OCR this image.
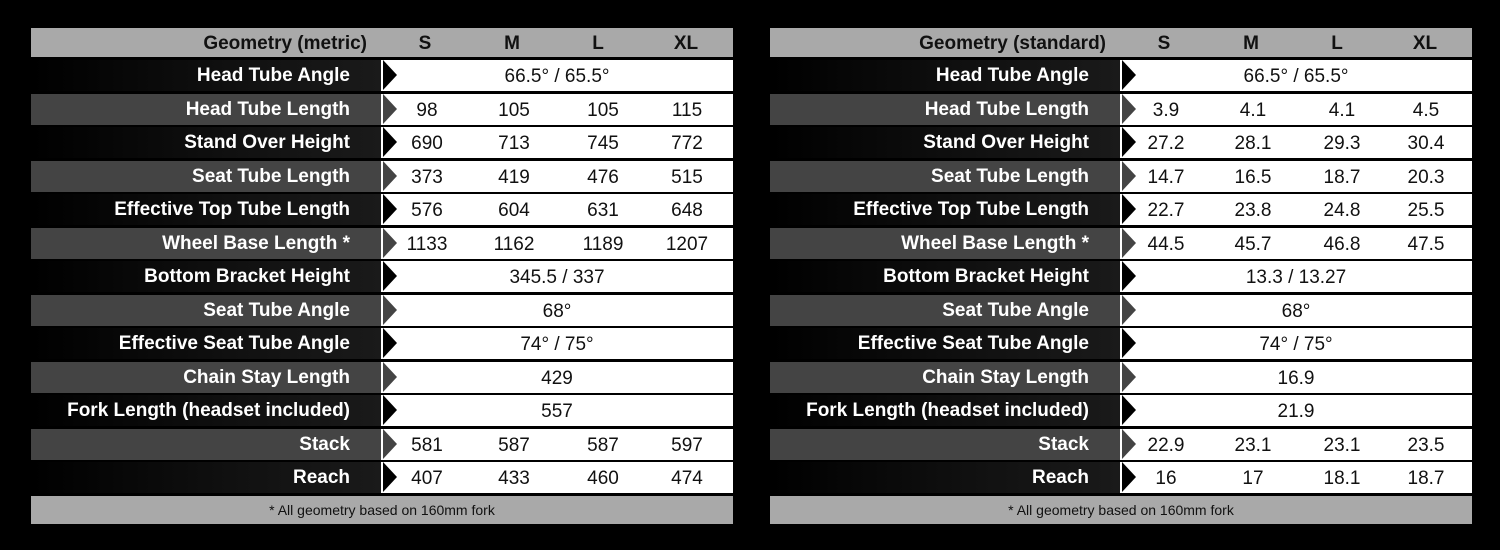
Geometry (metric)	S	M	L	XL
Head Tube Angle	66.5° / 65.5°
Head Tube Length	98	105	105	115
Stand Over Height	690	713	745	772
Seat Tube Length	373	419	476	515
Effective Top Tube Length	576	604	631	648
Wheel Base Length *	1133	1162	1189	1207
Bottom Bracket Height	345.5 / 337
Seat Tube Angle	68°
Effective Seat Tube Angle	74° / 75°
Chain Stay Length	429
Fork Length (headset included)	557
Stack	581	587	587	597
Reach	407	433	460	474
* All geometry based on 160mm fork
Geometry (standard)	S	M	L	XL
Head Tube Angle	66.5° / 65.5°
Head Tube Length	3.9	4.1	4.1	4.5
Stand Over Height	27.2	28.1	29.3	30.4
Seat Tube Length	14.7	16.5	18.7	20.3
Effective Top Tube Length	22.7	23.8	24.8	25.5
Wheel Base Length *	44.5	45.7	46.8	47.5
Bottom Bracket Height	13.3 / 13.27
Seat Tube Angle	68°
Effective Seat Tube Angle	74° / 75°
Chain Stay Length	16.9
Fork Length (headset included)	21.9
Stack	22.9	23.1	23.1	23.5
Reach	16	17	18.1	18.7
* All geometry based on 160mm fork
